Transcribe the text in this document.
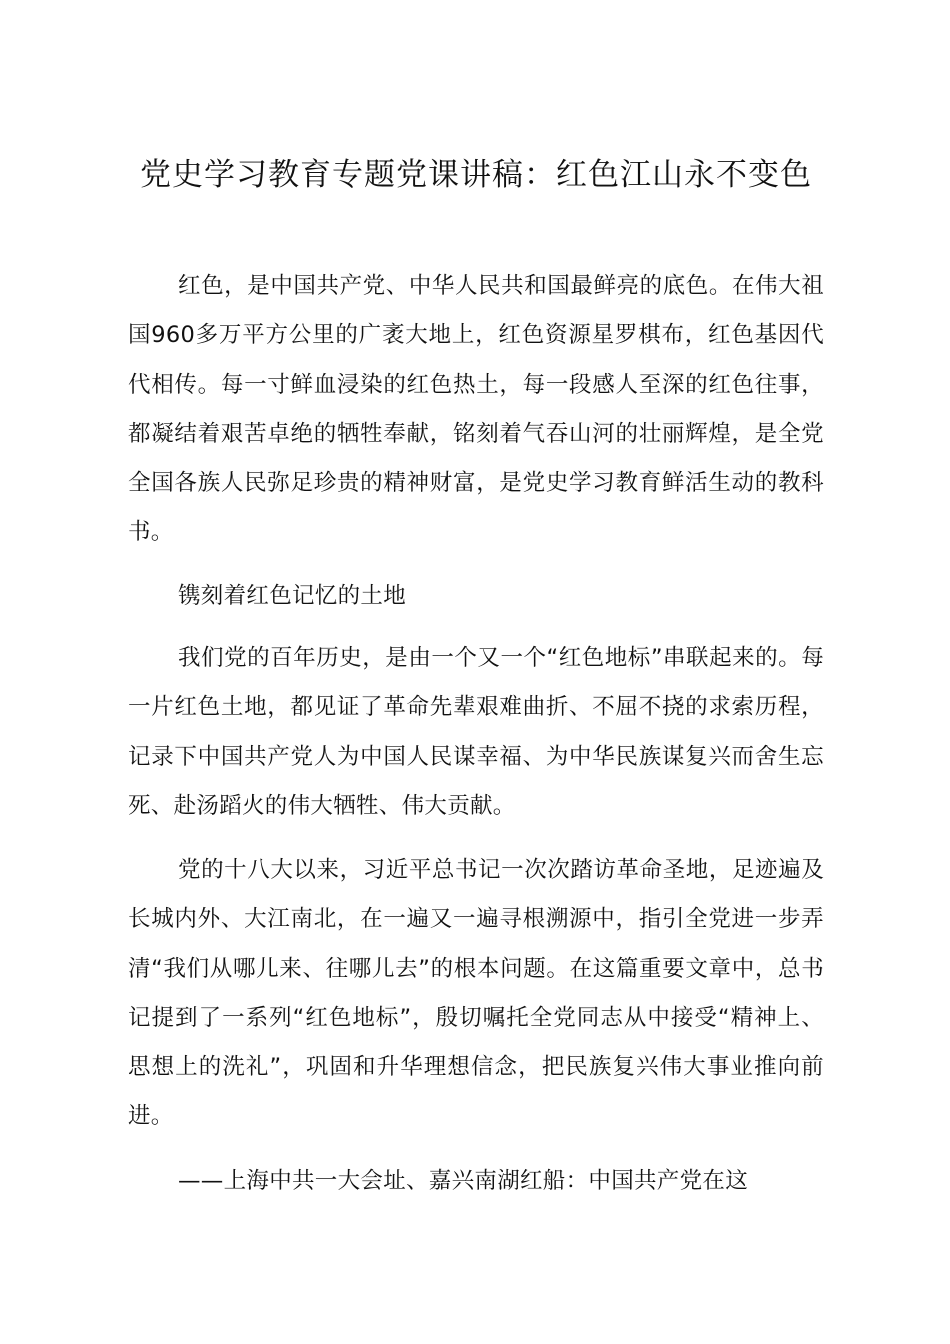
党史学习教育专题党课讲稿：红色江山永不变色

红色，是中国共产党、中华人民共和国最鲜亮的底色。在伟大祖国960多万平方公里的广袤大地上，红色资源星罗棋布，红色基因代代相传。每一寸鲜血浸染的红色热土，每一段感人至深的红色往事，都凝结着艰苦卓绝的牺牲奉献，铭刻着气吞山河的壮丽辉煌，是全党全国各族人民弥足珍贵的精神财富，是党史学习教育鲜活生动的教科书。

镌刻着红色记忆的土地

我们党的百年历史，是由一个又一个“红色地标”串联起来的。每一片红色土地，都见证了革命先辈艰难曲折、不屈不挠的求索历程，记录下中国共产党人为中国人民谋幸福、为中华民族谋复兴而舍生忘死、赴汤蹈火的伟大牺牲、伟大贡献。

党的十八大以来，习近平总书记一次次踏访革命圣地，足迹遍及长城内外、大江南北，在一遍又一遍寻根溯源中，指引全党进一步弄清“我们从哪儿来、往哪儿去”的根本问题。在这篇重要文章中，总书记提到了一系列“红色地标”，殷切嘱托全党同志从中接受“精神上、思想上的洗礼”，巩固和升华理想信念，把民族复兴伟大事业推向前进。

——上海中共一大会址、嘉兴南湖红船：中国共产党在这
